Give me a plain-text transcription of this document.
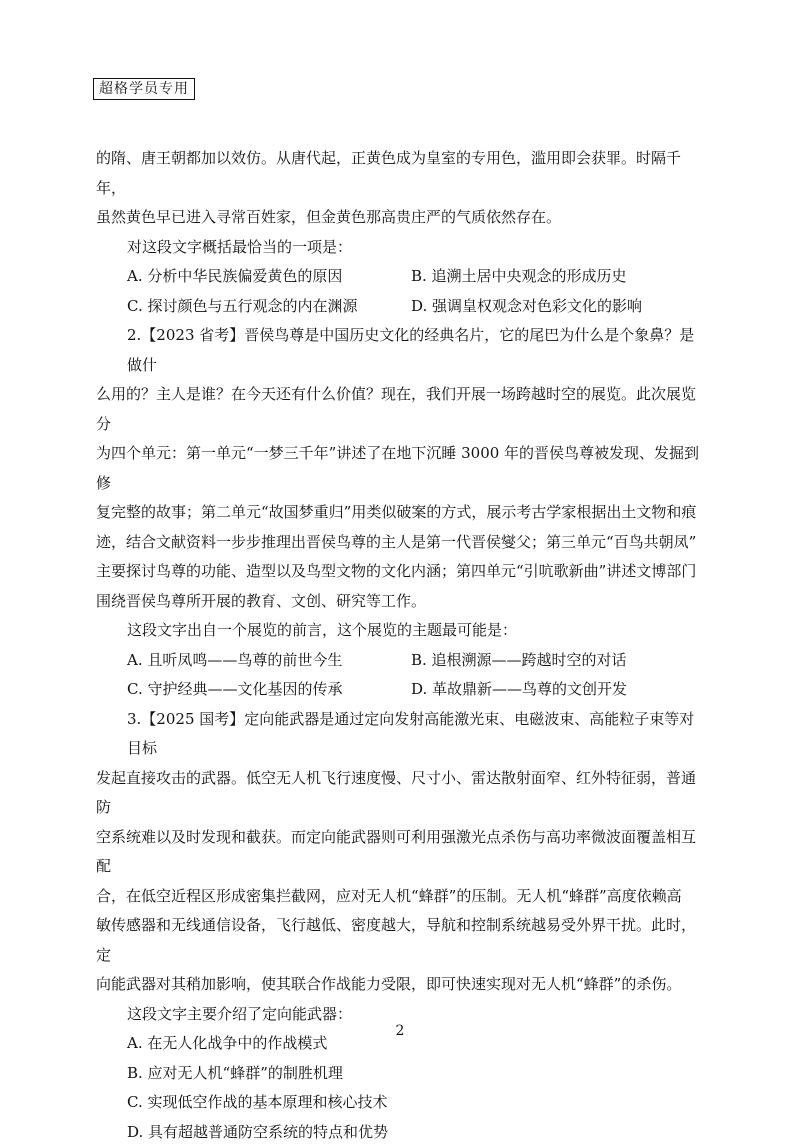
超格学员专用
的隋、唐王朝都加以效仿。从唐代起，正黄色成为皇室的专用色，滥用即会获罪。时隔千年，
虽然黄色早已进入寻常百姓家，但金黄色那高贵庄严的气质依然存在。
对这段文字概括最恰当的一项是：
A. 分析中华民族偏爱黄色的原因	B. 追溯土居中央观念的形成历史
C. 探讨颜色与五行观念的内在渊源	D. 强调皇权观念对色彩文化的影响
2.【2023 省考】晋侯鸟尊是中国历史文化的经典名片，它的尾巴为什么是个象鼻？是做什
么用的？主人是谁？在今天还有什么价值？现在，我们开展一场跨越时空的展览。此次展览分
为四个单元：第一单元“一梦三千年”讲述了在地下沉睡 3000 年的晋侯鸟尊被发现、发掘到修
复完整的故事；第二单元“故国梦重归”用类似破案的方式，展示考古学家根据出土文物和痕
迹，结合文献资料一步步推理出晋侯鸟尊的主人是第一代晋侯燮父；第三单元“百鸟共朝凤”
主要探讨鸟尊的功能、造型以及鸟型文物的文化内涵；第四单元“引吭歌新曲”讲述文博部门
围绕晋侯鸟尊所开展的教育、文创、研究等工作。
这段文字出自一个展览的前言，这个展览的主题最可能是：
A. 且听凤鸣——鸟尊的前世今生	B. 追根溯源——跨越时空的对话
C. 守护经典——文化基因的传承	D. 革故鼎新——鸟尊的文创开发
3.【2025 国考】定向能武器是通过定向发射高能激光束、电磁波束、高能粒子束等对目标
发起直接攻击的武器。低空无人机飞行速度慢、尺寸小、雷达散射面窄、红外特征弱，普通防
空系统难以及时发现和截获。而定向能武器则可利用强激光点杀伤与高功率微波面覆盖相互配
合，在低空近程区形成密集拦截网，应对无人机“蜂群”的压制。无人机“蜂群”高度依赖高
敏传感器和无线通信设备，飞行越低、密度越大，导航和控制系统越易受外界干扰。此时，定
向能武器对其稍加影响，使其联合作战能力受限，即可快速实现对无人机“蜂群”的杀伤。
这段文字主要介绍了定向能武器：
A. 在无人化战争中的作战模式
B. 应对无人机“蜂群”的制胜机理
C. 实现低空作战的基本原理和核心技术
D. 具有超越普通防空系统的特点和优势
2
